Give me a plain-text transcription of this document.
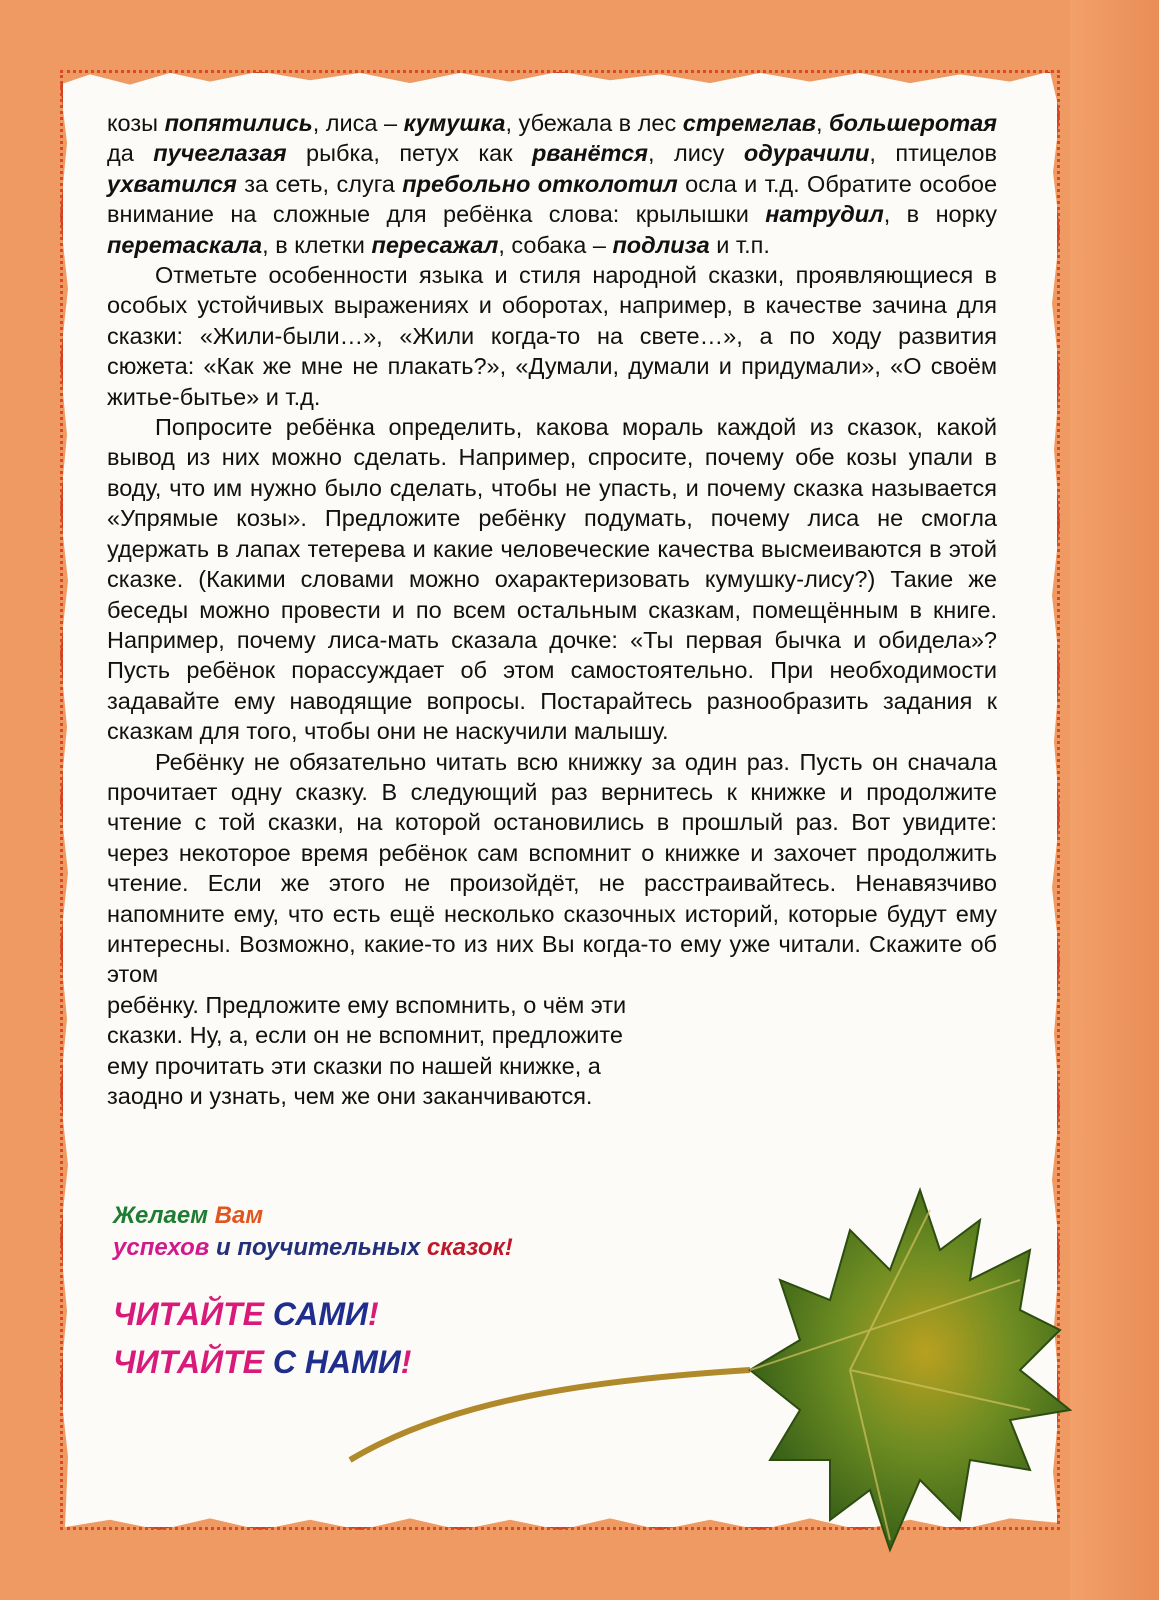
козы попятились, лиса – кумушка, убежала в лес стремглав, большеротая да пучеглазая рыбка, петух как рванётся, лису одурачили, птицелов ухватился за сеть, слуга пребольно отколотил осла и т.д. Обратите особое внимание на сложные для ребёнка слова: крылышки натрудил, в норку перетаскала, в клетки пересажал, собака – подлиза и т.п.

Отметьте особенности языка и стиля народной сказки, проявляющиеся в особых устойчивых выражениях и оборотах, например, в качестве зачина для сказки: «Жили-были…», «Жили когда-то на свете…», а по ходу развития сюжета: «Как же мне не плакать?», «Думали, думали и придумали», «О своём житье-бытье» и т.д.

Попросите ребёнка определить, какова мораль каждой из сказок, какой вывод из них можно сделать. Например, спросите, почему обе козы упали в воду, что им нужно было сделать, чтобы не упасть, и почему сказка называется «Упрямые козы». Предложите ребёнку подумать, почему лиса не смогла удержать в лапах тетерева и какие человеческие качества высмеиваются в этой сказке. (Какими словами можно охарактеризовать кумушку-лису?) Такие же беседы можно провести и по всем остальным сказкам, помещённым в книге. Например, почему лиса-мать сказала дочке: «Ты первая бычка и обидела»? Пусть ребёнок порассуждает об этом самостоятельно. При необходимости задавайте ему наводящие вопросы. Постарайтесь разнообразить задания к сказкам для того, чтобы они не наскучили малышу.

Ребёнку не обязательно читать всю книжку за один раз. Пусть он сначала прочитает одну сказку. В следующий раз вернитесь к книжке и продолжите чтение с той сказки, на которой остановились в прошлый раз. Вот увидите: через некоторое время ребёнок сам вспомнит о книжке и захочет продолжить чтение. Если же этого не произойдёт, не расстраивайтесь. Ненавязчиво напомните ему, что есть ещё несколько сказочных историй, которые будут ему интересны. Возможно, какие-то из них Вы когда-то ему уже читали. Скажите об этом

ребёнку. Предложите ему вспомнить, о чём эти

сказки. Ну, а, если он не вспомнит, предложите

ему прочитать эти сказки по нашей книжке, а

заодно и узнать, чем же они заканчиваются.

Желаем Вам
успехов и поучительных сказок!
ЧИТАЙТЕ САМИ!
ЧИТАЙТЕ С НАМИ!
